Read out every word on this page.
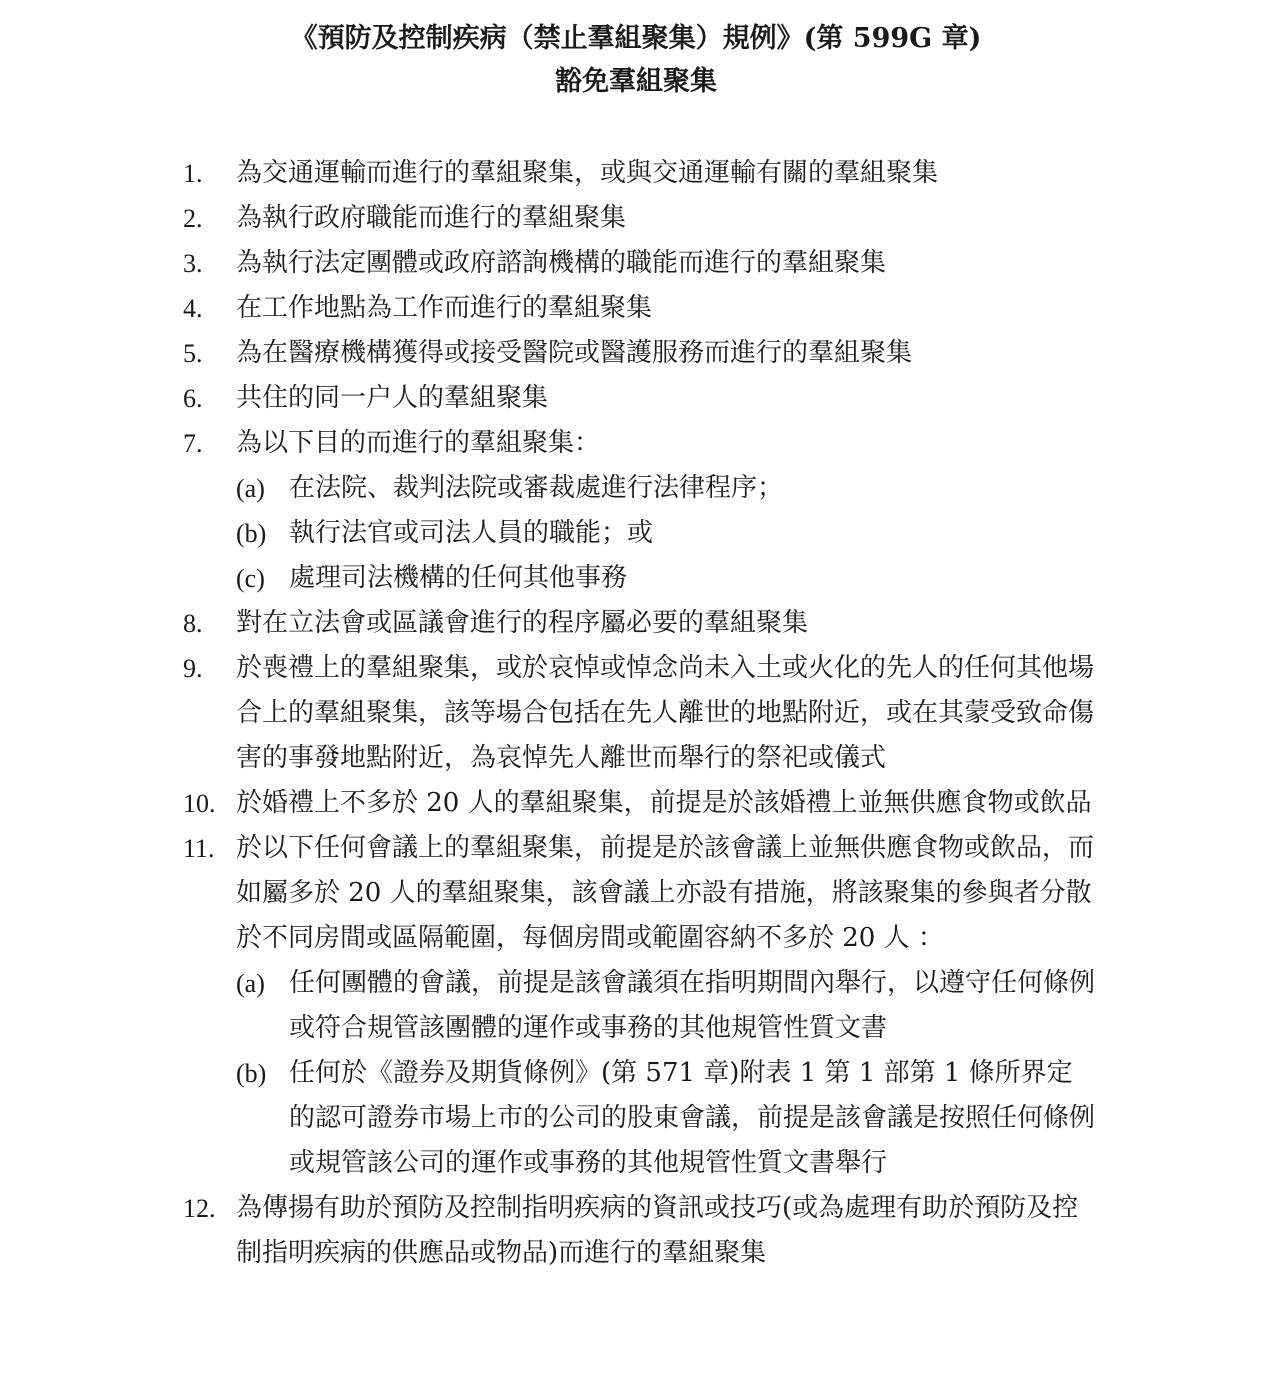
《預防及控制疾病（禁止羣組聚集）規例》(第 599G 章)
豁免羣組聚集
1.	為交通運輸而進行的羣組聚集，或與交通運輸有關的羣組聚集
2.	為執行政府職能而進行的羣組聚集
3.	為執行法定團體或政府諮詢機構的職能而進行的羣組聚集
4.	在工作地點為工作而進行的羣組聚集
5.	為在醫療機構獲得或接受醫院或醫護服務而進行的羣組聚集
6.	共住的同一户人的羣組聚集
7.	為以下目的而進行的羣組聚集：
(a) 在法院、裁判法院或審裁處進行法律程序；
(b) 執行法官或司法人員的職能；或
(c) 處理司法機構的任何其他事務
8.	對在立法會或區議會進行的程序屬必要的羣組聚集
9.	於喪禮上的羣組聚集，或於哀悼或悼念尚未入土或火化的先人的任何其他場合上的羣組聚集，該等場合包括在先人離世的地點附近，或在其蒙受致命傷害的事發地點附近，為哀悼先人離世而舉行的祭祀或儀式
10. 於婚禮上不多於 20 人的羣組聚集，前提是於該婚禮上並無供應食物或飲品
11. 於以下任何會議上的羣組聚集，前提是於該會議上並無供應食物或飲品，而如屬多於 20 人的羣組聚集，該會議上亦設有措施，將該聚集的參與者分散於不同房間或區隔範圍，每個房間或範圍容納不多於 20 人 ：
(a) 任何團體的會議，前提是該會議須在指明期間內舉行，以遵守任何條例或符合規管該團體的運作或事務的其他規管性質文書
(b) 任何於《證券及期貨條例》(第 571 章)附表 1 第 1 部第 1 條所界定的認可證券市場上市的公司的股東會議，前提是該會議是按照任何條例或規管該公司的運作或事務的其他規管性質文書舉行
12. 為傳揚有助於預防及控制指明疾病的資訊或技巧(或為處理有助於預防及控制指明疾病的供應品或物品)而進行的羣組聚集
